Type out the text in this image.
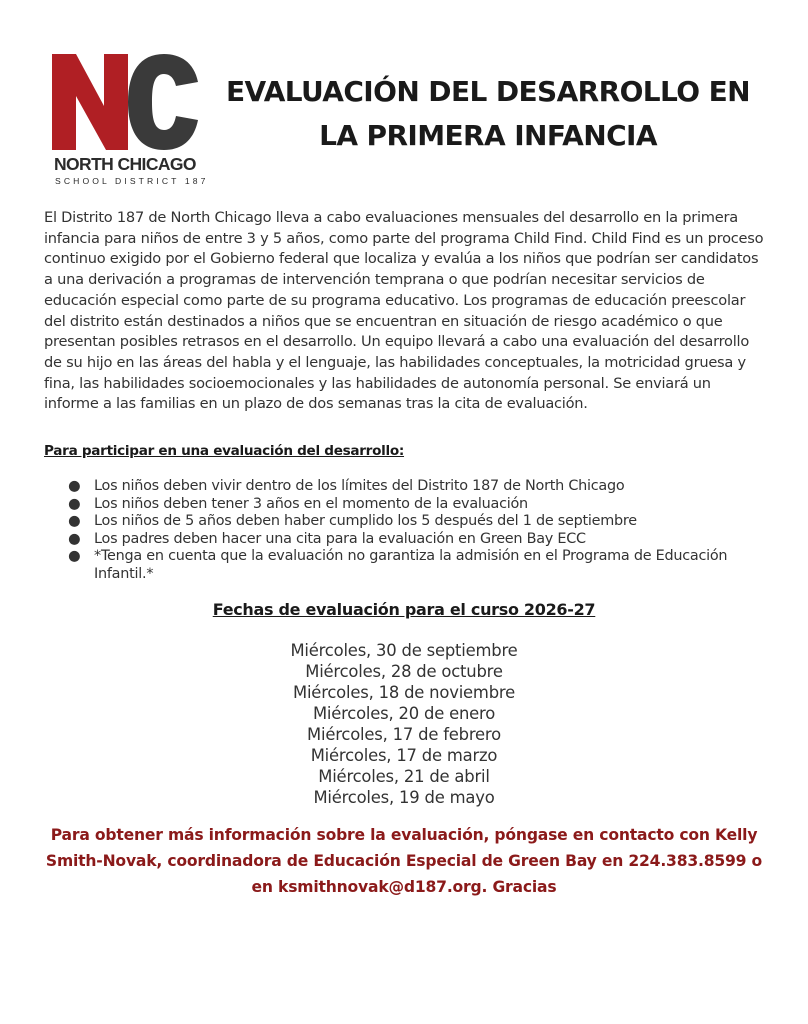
NORTH CHICAGO
SCHOOL DISTRICT 187
EVALUACIÓN DEL DESARROLLO EN LA PRIMERA INFANCIA

El Distrito 187 de North Chicago lleva a cabo evaluaciones mensuales del desarrollo en la primera infancia para niños de entre 3 y 5 años, como parte del programa Child Find. Child Find es un proceso continuo exigido por el Gobierno federal que localiza y evalúa a los niños que podrían ser candidatos a una derivación a programas de intervención temprana o que podrían necesitar servicios de educación especial como parte de su programa educativo. Los programas de educación preescolar del distrito están destinados a niños que se encuentran en situación de riesgo académico o que presentan posibles retrasos en el desarrollo. Un equipo llevará a cabo una evaluación del desarrollo de su hijo en las áreas del habla y el lenguaje, las habilidades conceptuales, la motricidad gruesa y fina, las habilidades socioemocionales y las habilidades de autonomía personal. Se enviará un informe a las familias en un plazo de dos semanas tras la cita de evaluación.

Para participar en una evaluación del desarrollo:
● Los niños deben vivir dentro de los límites del Distrito 187 de North Chicago
● Los niños deben tener 3 años en el momento de la evaluación
● Los niños de 5 años deben haber cumplido los 5 después del 1 de septiembre
● Los padres deben hacer una cita para la evaluación en Green Bay ECC
● *Tenga en cuenta que la evaluación no garantiza la admisión en el Programa de Educación Infantil.*
Fechas de evaluación para el curso 2026-27
Miércoles, 30 de septiembre
Miércoles, 28 de octubre
Miércoles, 18 de noviembre
Miércoles, 20 de enero
Miércoles, 17 de febrero
Miércoles, 17 de marzo
Miércoles, 21 de abril
Miércoles, 19 de mayo

Para obtener más información sobre la evaluación, póngase en contacto con Kelly Smith-Novak, coordinadora de Educación Especial de Green Bay en 224.383.8599 o en ksmithnovak@d187.org. Gracias
